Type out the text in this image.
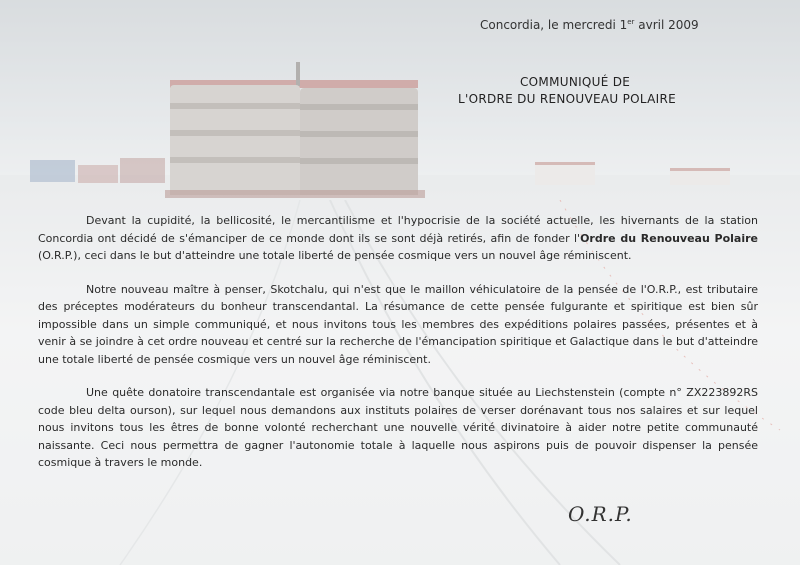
Concordia, le mercredi 1er avril 2009
COMMUNIQUÉ DE
L'ORDRE DU RENOUVEAU POLAIRE

Devant la cupidité, la bellicosité, le mercantilisme et l'hypocrisie de la société actuelle, les hivernants de la station Concordia ont décidé de s'émanciper de ce monde dont ils se sont déjà retirés, afin de fonder l'Ordre du Renouveau Polaire (O.R.P.), ceci dans le but d'atteindre une totale liberté de pensée cosmique vers un nouvel âge réminiscent.

Notre nouveau maître à penser, Skotchalu, qui n'est que le maillon véhiculatoire de la pensée de l'O.R.P., est tributaire des préceptes modérateurs du bonheur transcendantal. La résumance de cette pensée fulgurante et spiritique est bien sûr impossible dans un simple communiqué, et nous invitons tous les membres des expéditions polaires passées, présentes et à venir à se joindre à cet ordre nouveau et centré sur la recherche de l'émancipation spiritique et Galactique dans le but d'atteindre une totale liberté de pensée cosmique vers un nouvel âge réminiscent.

Une quête donatoire transcendantale est organisée via notre banque située au Liechstenstein (compte n° ZX223892RS code bleu delta ourson), sur lequel nous demandons aux instituts polaires de verser dorénavant tous nos salaires et sur lequel nous invitons tous les êtres de bonne volonté recherchant une nouvelle vérité divinatoire à aider notre petite communauté naissante. Ceci nous permettra de gagner l'autonomie totale à laquelle nous aspirons puis de pouvoir dispenser la pensée cosmique à travers le monde.

O.R.P.
